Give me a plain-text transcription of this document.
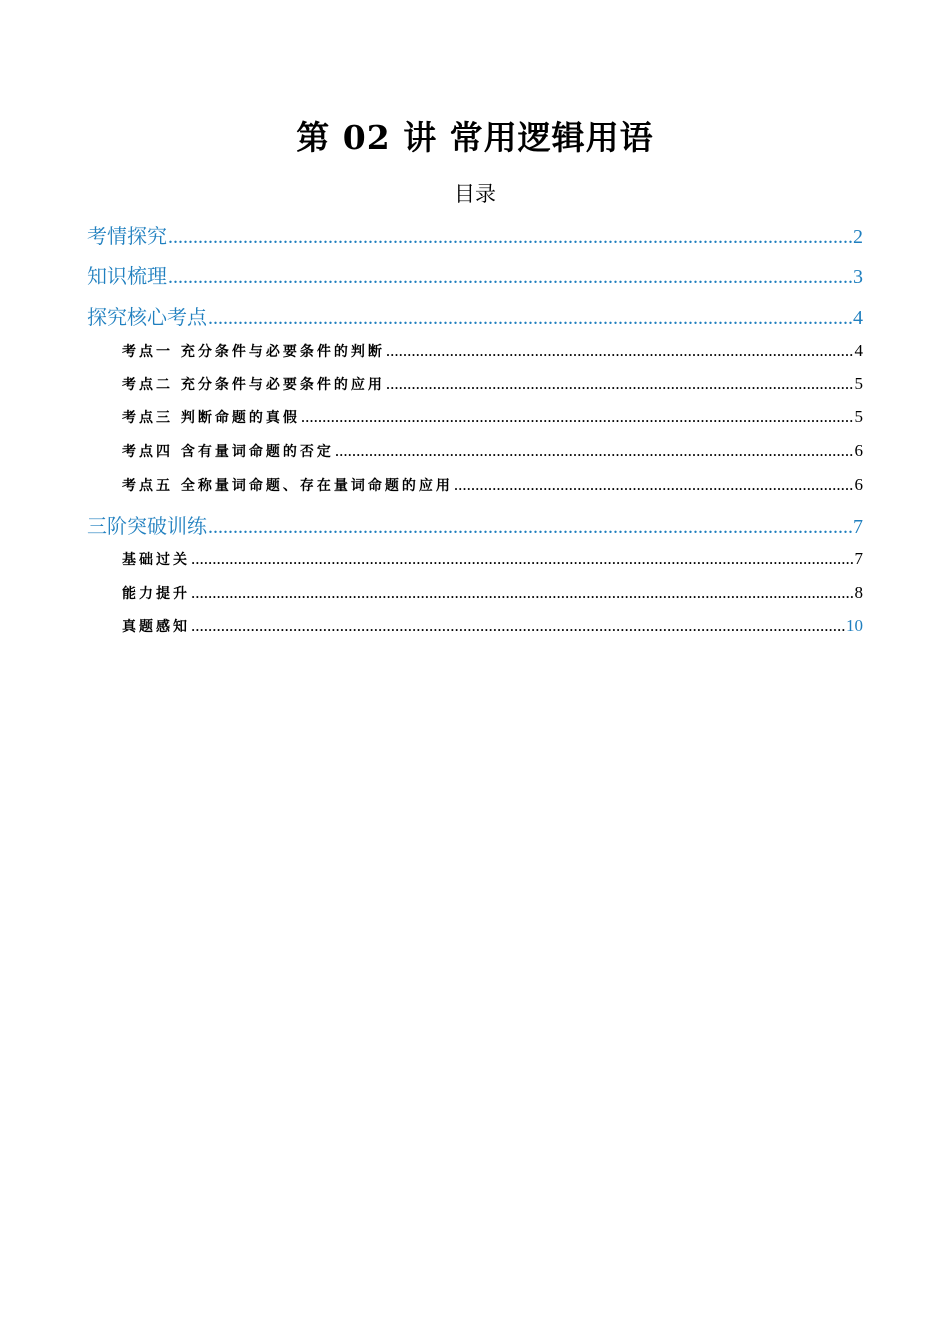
第 02 讲 常用逻辑用语
目录
考情探究 .....	2
知识梳理 .....	3
探究核心考点 .....	4
考点一 充分条件与必要条件的判断 .....	4
考点二 充分条件与必要条件的应用 .....	5
考点三 判断命题的真假 .....	5
考点四 含有量词命题的否定 .....	6
考点五 全称量词命题、存在量词命题的应用 .....	6
三阶突破训练 .....	7
基础过关 .....	7
能力提升 .....	8
真题感知 .....	10
